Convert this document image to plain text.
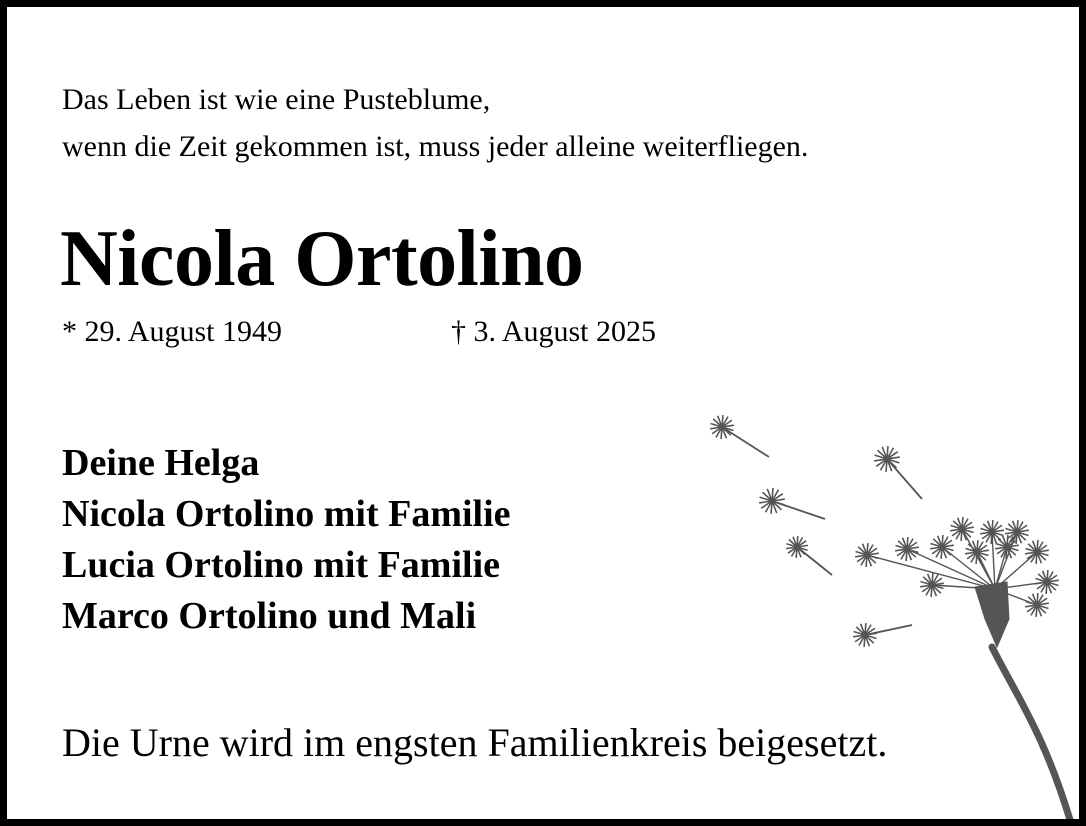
Das Leben ist wie eine Pusteblume,
wenn die Zeit gekommen ist, muss jeder alleine weiterfliegen.
Nicola Ortolino
* 29. August 1949	† 3. August 2025
Deine Helga
Nicola Ortolino mit Familie
Lucia Ortolino mit Familie
Marco Ortolino und Mali
Die Urne wird im engsten Familienkreis beigesetzt.
